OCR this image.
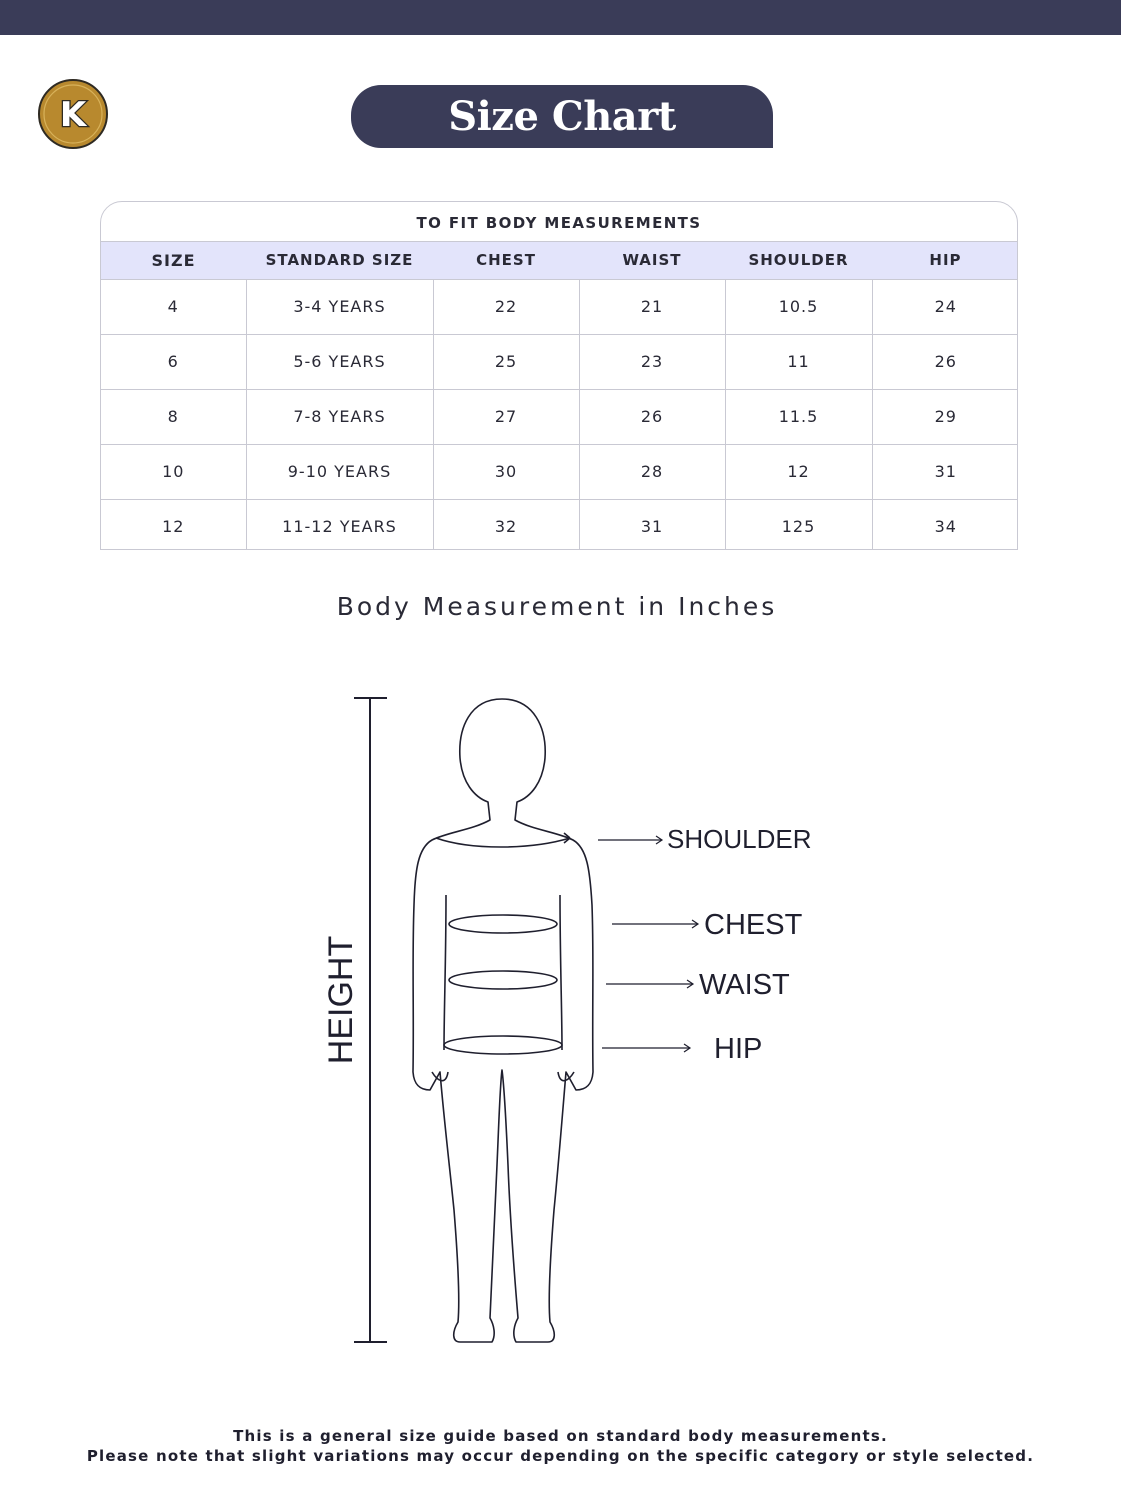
K	Size Chart
TO FIT BODY MEASUREMENTS
SIZE	STANDARD SIZE	CHEST	WAIST	SHOULDER	HIP
4	3-4 YEARS	22	21	10.5	24
6	5-6 YEARS	25	23	11	26
8	7-8 YEARS	27	26	11.5	29
10	9-10 YEARS	30	28	12	31
12	11-12 YEARS	32	31	125	34
Body Measurement in Inches
HEIGHT
SHOULDER
CHEST
WAIST
HIP
This is a general size guide based on standard body measurements.
Please note that slight variations may occur depending on the specific category or style selected.
